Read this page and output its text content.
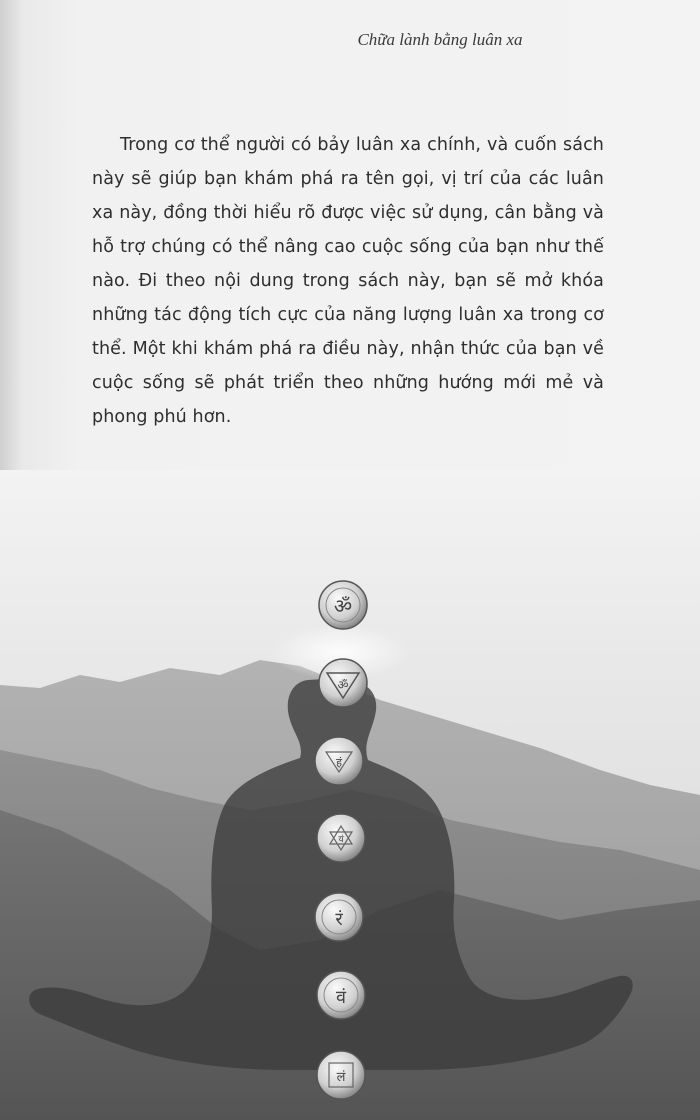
Chữa lành bằng luân xa

Trong cơ thể người có bảy luân xa chính, và cuốn sách này sẽ giúp bạn khám phá ra tên gọi, vị trí của các luân xa này, đồng thời hiểu rõ được việc sử dụng, cân bằng và hỗ trợ chúng có thể nâng cao cuộc sống của bạn như thế nào. Đi theo nội dung trong sách này, bạn sẽ mở khóa những tác động tích cực của năng lượng luân xa trong cơ thể. Một khi khám phá ra điều này, nhận thức của bạn về cuộc sống sẽ phát triển theo những hướng mới mẻ và phong phú hơn.

ॐ
ॐ
हं
यं
रं
वं
लं
